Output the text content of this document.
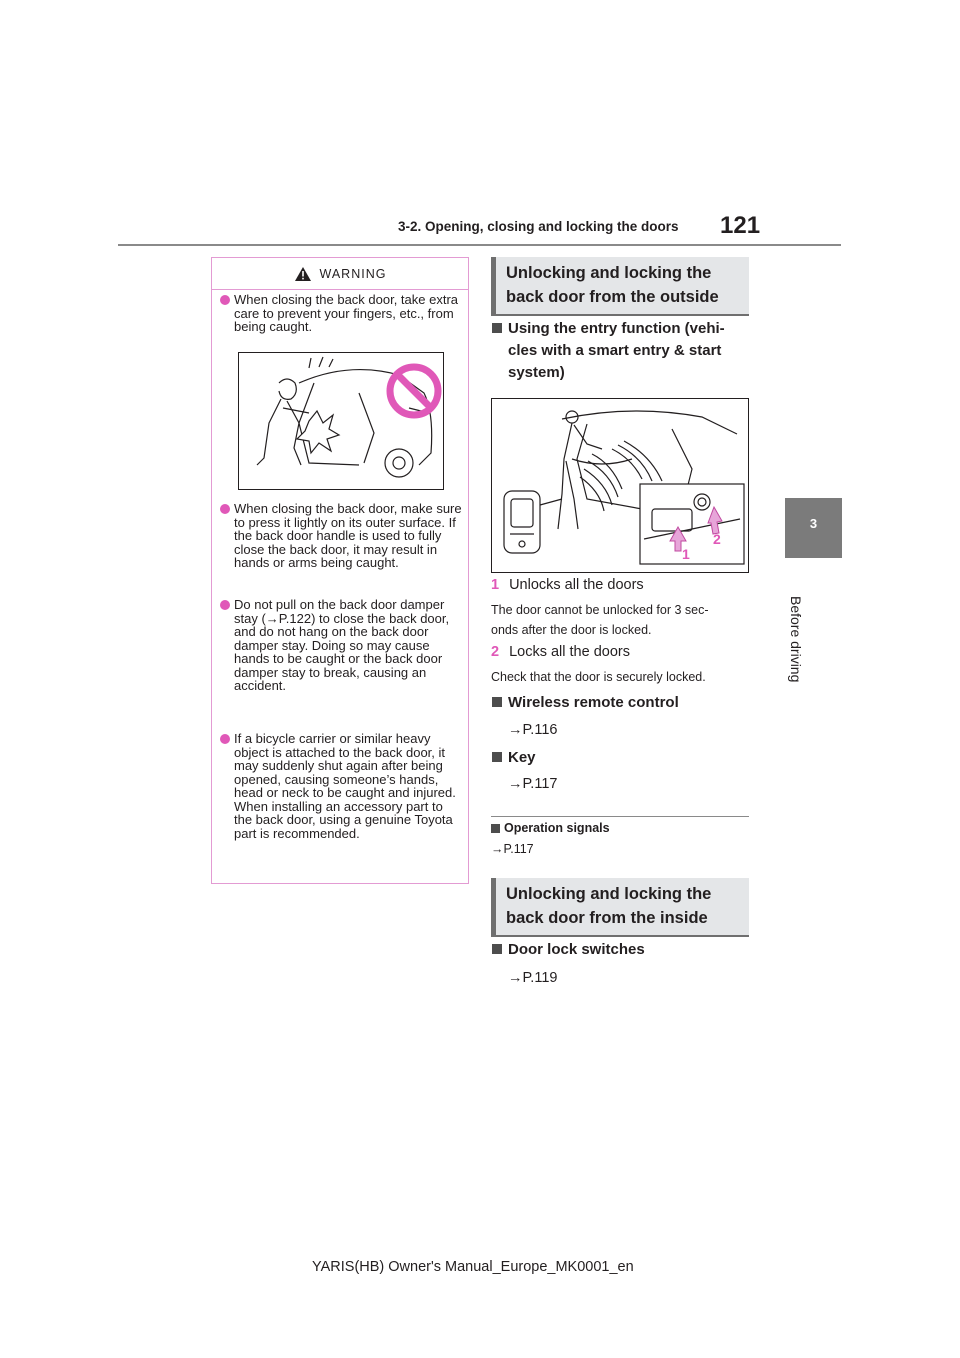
3-2. Opening, closing and locking the doors 121
3
Before driving
WARNING
When closing the back door, take extra care to prevent your fingers, etc., from being caught.
When closing the back door, make sure to press it lightly on its outer surface. If the back door handle is used to fully close the back door, it may result in hands or arms being caught.
Do not pull on the back door damper stay (→P.122) to close the back door, and do not hang on the back door damper stay. Doing so may cause hands to be caught or the back door damper stay to break, causing an accident.
If a bicycle carrier or similar heavy object is attached to the back door, it may suddenly shut again after being opened, causing someone’s hands, head or neck to be caught and injured. When installing an accessory part to the back door, using a genuine Toyota part is recommended.
Unlocking and locking the
back door from the outside
Using the entry function (vehi-
cles with a smart entry & start
system)
1
2
1 Unlocks all the doors
The door cannot be unlocked for 3 sec-
onds after the door is locked.
2 Locks all the doors
Check that the door is securely locked.
Wireless remote control
→P.116
Key
→P.117
Operation signals
→P.117
Unlocking and locking the
back door from the inside
Door lock switches
→P.119
YARIS(HB) Owner's Manual_Europe_MK0001_en
